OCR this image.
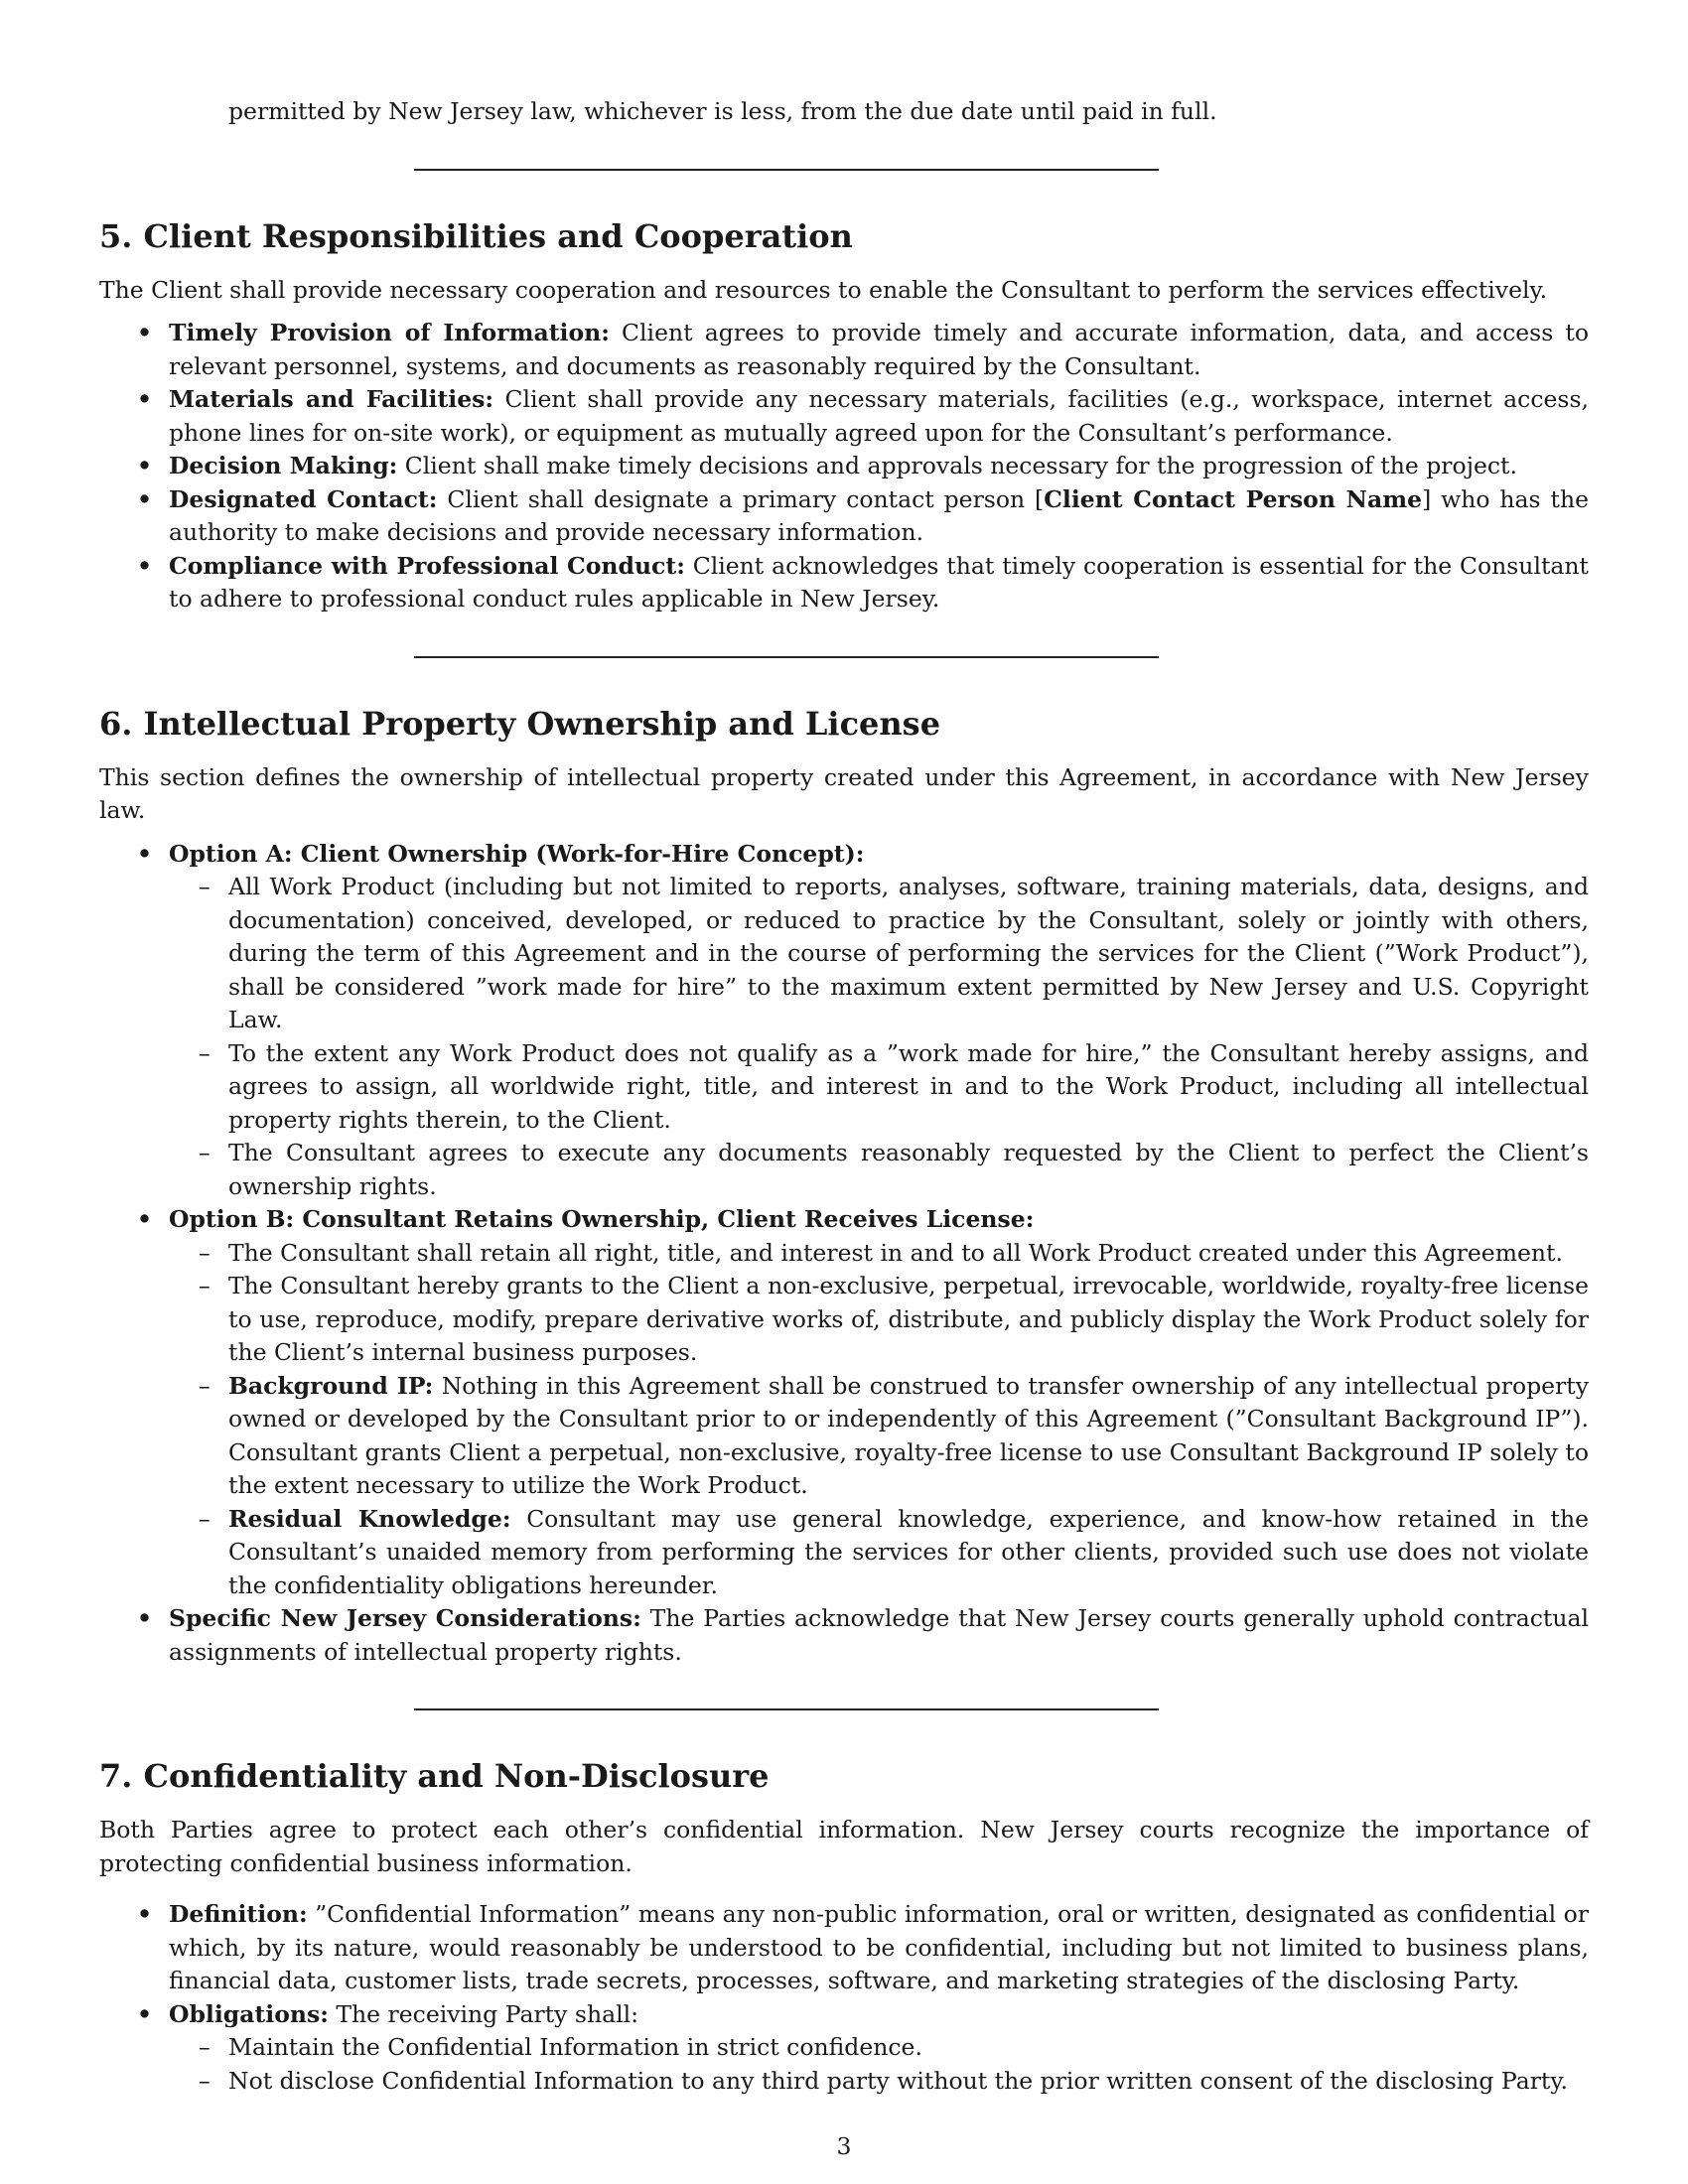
permitted by New Jersey law, whichever is less, from the due date until paid in full.

5. Client Responsibilities and Cooperation

The Client shall provide necessary cooperation and resources to enable the Consultant to perform the services effectively.

• Timely Provision of Information: Client agrees to provide timely and accurate information, data, and access to relevant personnel, systems, and documents as reasonably required by the Consultant.
• Materials and Facilities: Client shall provide any necessary materials, facilities (e.g., workspace, internet access, phone lines for on-site work), or equipment as mutually agreed upon for the Consultant’s performance.
• Decision Making: Client shall make timely decisions and approvals necessary for the progression of the project.
• Designated Contact: Client shall designate a primary contact person [Client Contact Person Name] who has the authority to make decisions and provide necessary information.
• Compliance with Professional Conduct: Client acknowledges that timely cooperation is essential for the Consultant to adhere to professional conduct rules applicable in New Jersey.
6. Intellectual Property Ownership and License

This section defines the ownership of intellectual property created under this Agreement, in accordance with New Jersey law.

• Option A: Client Ownership (Work-for-Hire Concept):
– All Work Product (including but not limited to reports, analyses, software, training materials, data, designs, and documentation) conceived, developed, or reduced to practice by the Consultant, solely or jointly with others, during the term of this Agreement and in the course of performing the services for the Client (”Work Product”), shall be considered ”work made for hire” to the maximum extent permitted by New Jersey and U.S. Copyright Law.
– To the extent any Work Product does not qualify as a ”work made for hire,” the Consultant hereby assigns, and agrees to assign, all worldwide right, title, and interest in and to the Work Product, including all intellectual property rights therein, to the Client.
– The Consultant agrees to execute any documents reasonably requested by the Client to perfect the Client’s ownership rights.
• Option B: Consultant Retains Ownership, Client Receives License:
– The Consultant shall retain all right, title, and interest in and to all Work Product created under this Agreement.
– The Consultant hereby grants to the Client a non-exclusive, perpetual, irrevocable, worldwide, royalty-free license to use, reproduce, modify, prepare derivative works of, distribute, and publicly display the Work Product solely for the Client’s internal business purposes.
– Background IP: Nothing in this Agreement shall be construed to transfer ownership of any intellectual property owned or developed by the Consultant prior to or independently of this Agreement (”Consultant Background IP”). Consultant grants Client a perpetual, non-exclusive, royalty-free license to use Consultant Background IP solely to the extent necessary to utilize the Work Product.
– Residual Knowledge: Consultant may use general knowledge, experience, and know-how retained in the Consultant’s unaided memory from performing the services for other clients, provided such use does not violate the confidentiality obligations hereunder.
• Specific New Jersey Considerations: The Parties acknowledge that New Jersey courts generally uphold contractual assignments of intellectual property rights.
7. Confidentiality and Non-Disclosure

Both Parties agree to protect each other’s confidential information. New Jersey courts recognize the importance of protecting confidential business information.

• Definition: ”Confidential Information” means any non-public information, oral or written, designated as confidential or which, by its nature, would reasonably be understood to be confidential, including but not limited to business plans, financial data, customer lists, trade secrets, processes, software, and marketing strategies of the disclosing Party.
• Obligations: The receiving Party shall:
– Maintain the Confidential Information in strict confidence.
– Not disclose Confidential Information to any third party without the prior written consent of the disclosing Party.
3
